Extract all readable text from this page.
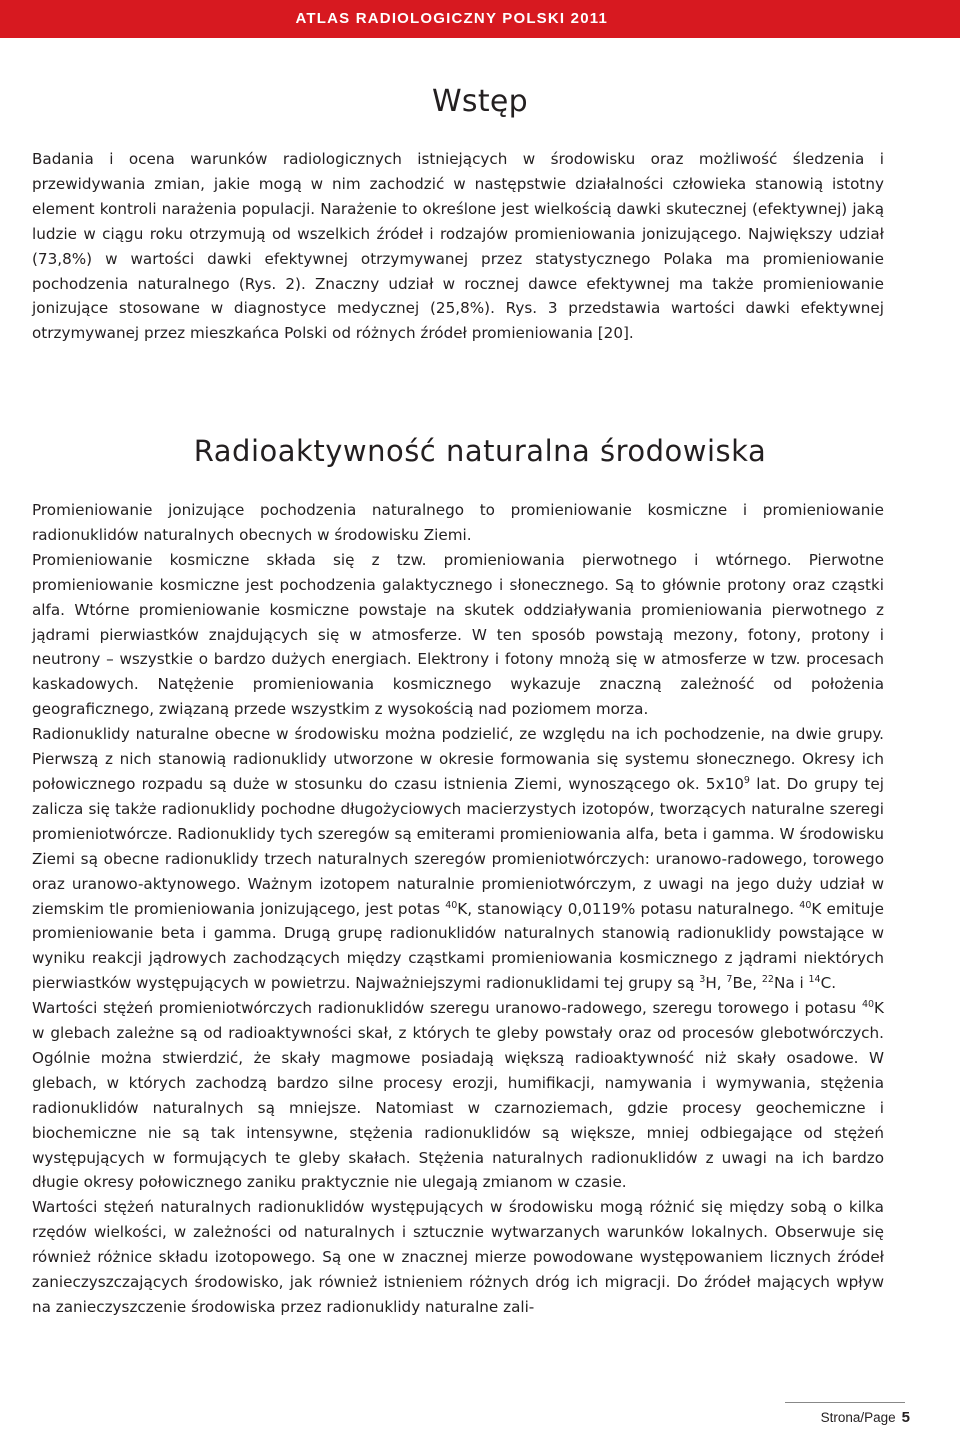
ATLAS RADIOLOGICZNY POLSKI 2011
Wstęp

Badania i ocena warunków radiologicznych istniejących w środowisku oraz możliwość śledzenia i przewidywania zmian, jakie mogą w nim zachodzić w następstwie działalności człowieka stanowią istotny element kontroli narażenia populacji. Narażenie to określone jest wielkością dawki skutecznej (efektywnej) jaką ludzie w ciągu roku otrzymują od wszelkich źródeł i rodzajów promieniowania jonizującego. Największy udział (73,8%) w wartości dawki efektywnej otrzymywanej przez statystycznego Polaka ma promieniowanie pochodzenia naturalnego (Rys. 2). Znaczny udział w rocznej dawce efektywnej ma także promieniowanie jonizujące stosowane w diagnostyce medycznej (25,8%). Rys. 3 przedstawia wartości dawki efektywnej otrzymywanej przez mieszkańca Polski od różnych źródeł promieniowania [20].

Radioaktywność naturalna środowiska

Promieniowanie jonizujące pochodzenia naturalnego to promieniowanie kosmiczne i promieniowanie radionuklidów naturalnych obecnych w środowisku Ziemi.

Promieniowanie kosmiczne składa się z tzw. promieniowania pierwotnego i wtórnego. Pierwotne promieniowanie kosmiczne jest pochodzenia galaktycznego i słonecznego. Są to głównie protony oraz cząstki alfa. Wtórne promieniowanie kosmiczne powstaje na skutek oddziaływania promieniowania pierwotnego z jądrami pierwiastków znajdujących się w atmosferze. W ten sposób powstają mezony, fotony, protony i neutrony – wszystkie o bardzo dużych energiach. Elektrony i fotony mnożą się w atmosferze w tzw. procesach kaskadowych. Natężenie promieniowania kosmicznego wykazuje znaczną zależność od położenia geograficznego, związaną przede wszystkim z wysokością nad poziomem morza.

Radionuklidy naturalne obecne w środowisku można podzielić, ze względu na ich pochodzenie, na dwie grupy. Pierwszą z nich stanowią radionuklidy utworzone w okresie formowania się systemu słonecznego. Okresy ich połowicznego rozpadu są duże w stosunku do czasu istnienia Ziemi, wynoszącego ok. $5x10^9$ lat. Do grupy tej zalicza się także radionuklidy pochodne długożyciowych macierzystych izotopów, tworzących naturalne szeregi promieniotwórcze. Radionuklidy tych szeregów są emiterami promieniowania alfa, beta i gamma. W środowisku Ziemi są obecne radionuklidy trzech naturalnych szeregów promieniotwórczych: uranowo-radowego, torowego oraz uranowo-aktynowego. Ważnym izotopem naturalnie promieniotwórczym, z uwagi na jego duży udział w ziemskim tle promieniowania jonizującego, jest potas $^{40}$K, stanowiący 0,0119% potasu naturalnego. $^{40}$K emituje promieniowanie beta i gamma. Drugą grupę radionuklidów naturalnych stanowią radionuklidy powstające w wyniku reakcji jądrowych zachodzących między cząstkami promieniowania kosmicznego z jądrami niektórych pierwiastków występujących w powietrzu. Najważniejszymi radionuklidami tej grupy są $^3$H, $^7$Be, $^{22}$Na i $^{14}$C.

Wartości stężeń promieniotwórczych radionuklidów szeregu uranowo-radowego, szeregu torowego i potasu $^{40}$K w glebach zależne są od radioaktywności skał, z których te gleby powstały oraz od procesów glebotwórczych. Ogólnie można stwierdzić, że skały magmowe posiadają większą radioaktywność niż skały osadowe. W glebach, w których zachodzą bardzo silne procesy erozji, humifikacji, namywania i wymywania, stężenia radionuklidów naturalnych są mniejsze. Natomiast w czarnoziemach, gdzie procesy geochemiczne i biochemiczne nie są tak intensywne, stężenia radionuklidów są większe, mniej odbiegające od stężeń występujących w formujących te gleby skałach. Stężenia naturalnych radionuklidów z uwagi na ich bardzo długie okresy połowicznego zaniku praktycznie nie ulegają zmianom w czasie.

Wartości stężeń naturalnych radionuklidów występujących w środowisku mogą różnić się między sobą o kilka rzędów wielkości, w zależności od naturalnych i sztucznie wytwarzanych warunków lokalnych. Obserwuje się również różnice składu izotopowego. Są one w znacznej mierze powodowane występowaniem licznych źródeł zanieczyszczających środowisko, jak również istnieniem różnych dróg ich migracji. Do źródeł mających wpływ na zanieczyszczenie środowiska przez radionuklidy naturalne zali-

Strona/Page 5
